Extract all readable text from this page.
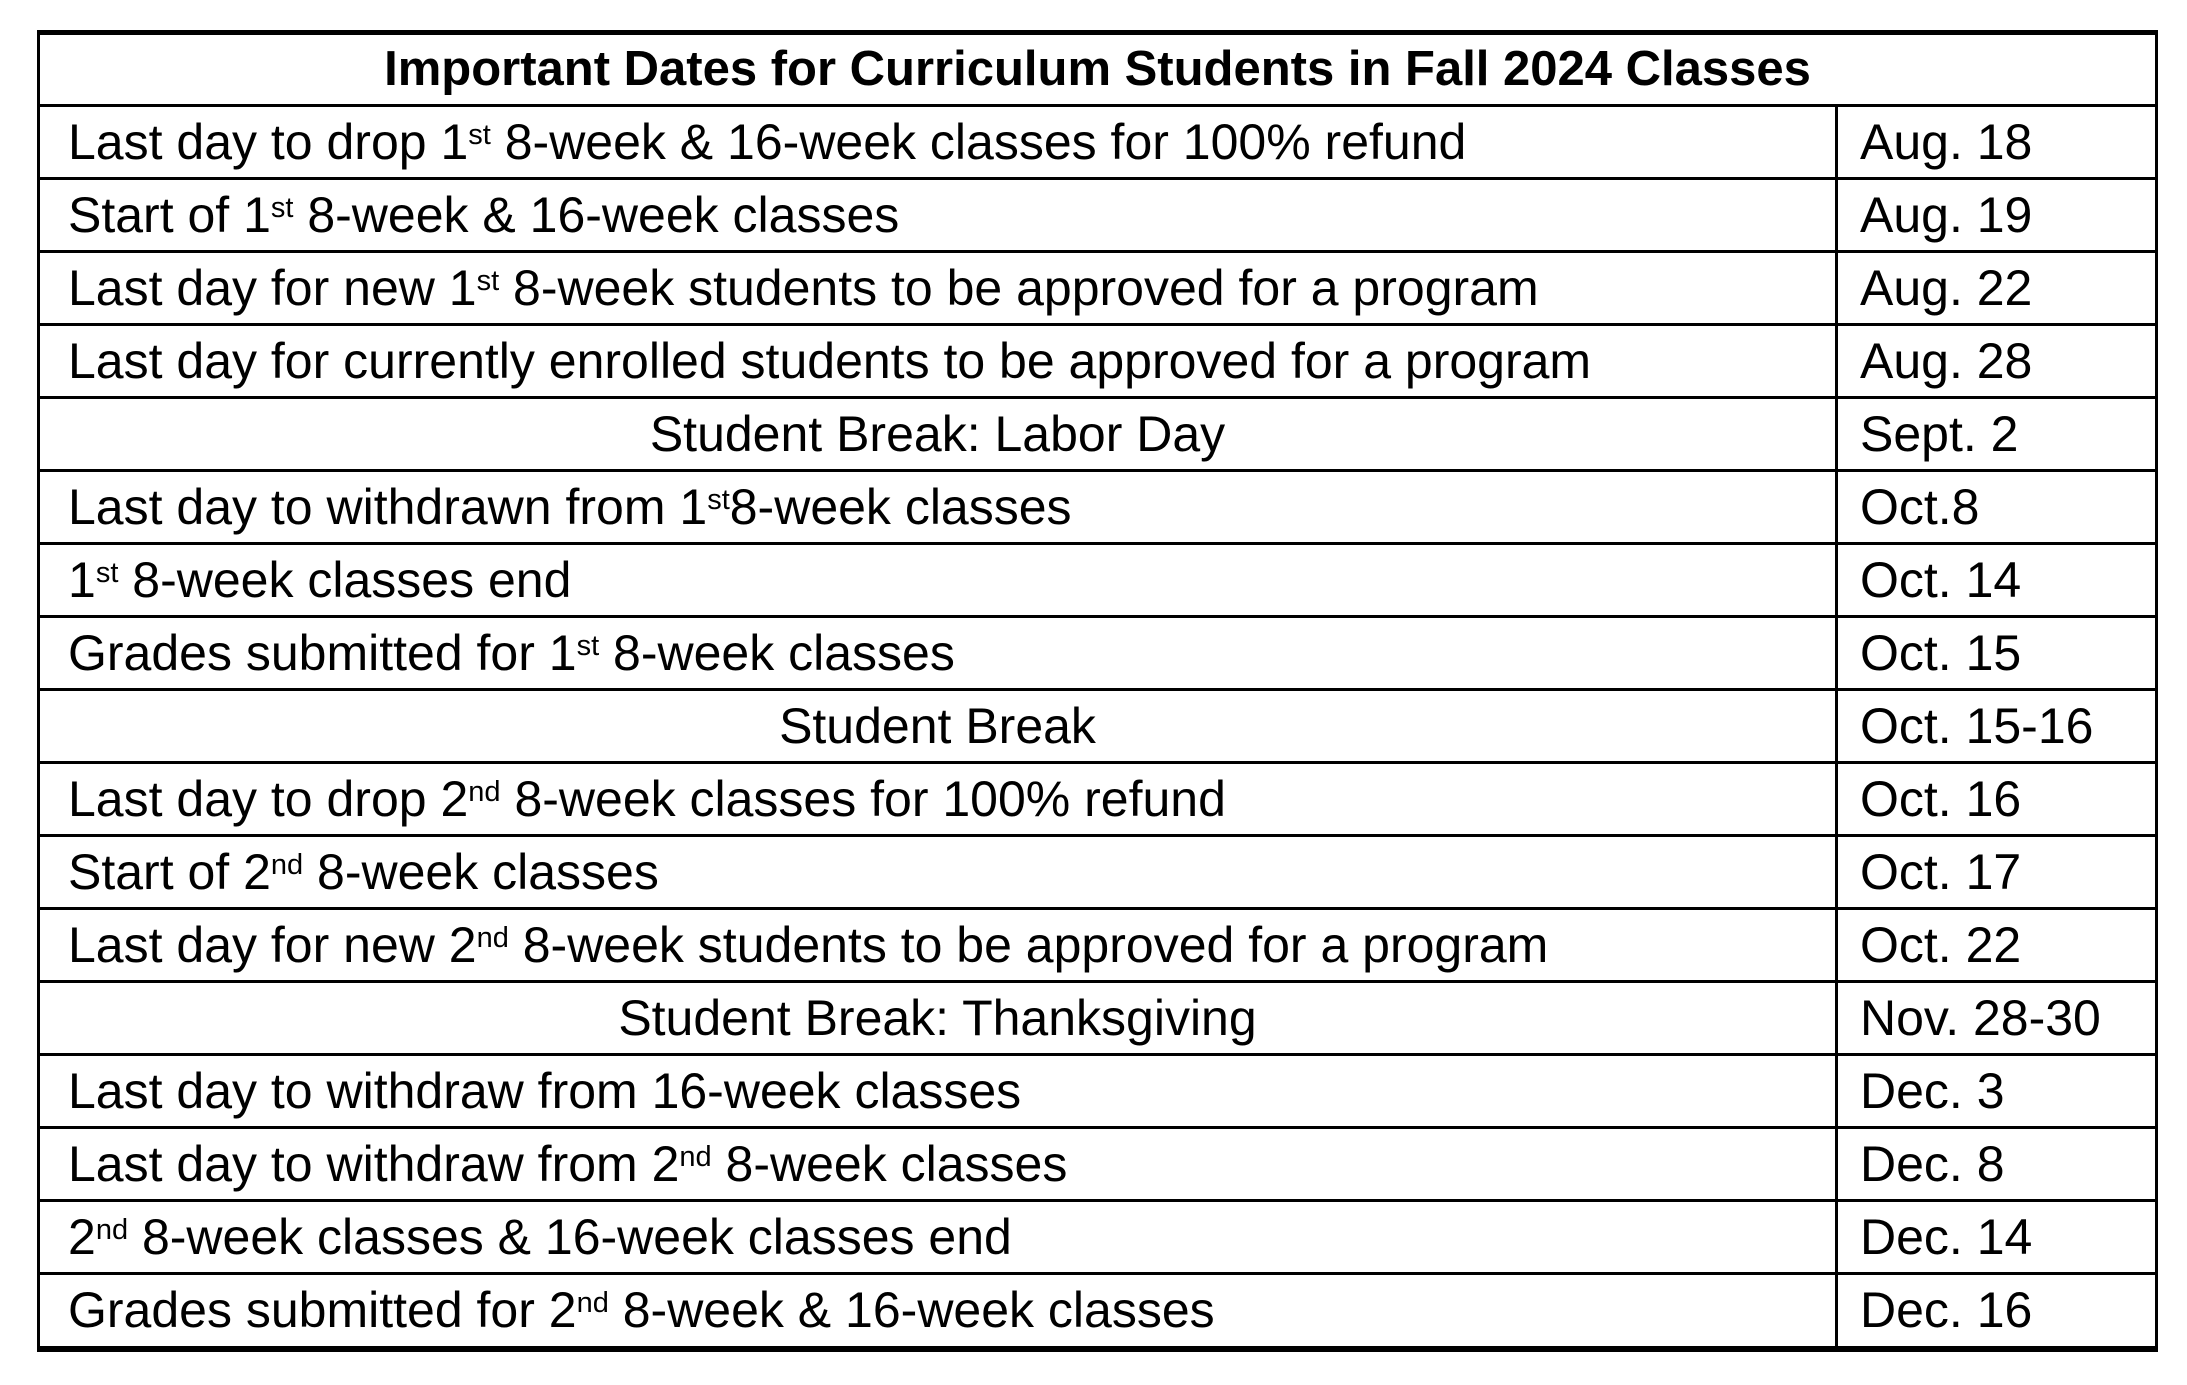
Important Dates for Curriculum Students in Fall 2024 Classes	
Last day to drop 1st 8-week & 16-week classes for 100% refund	Aug. 18
Start of 1st 8-week & 16-week classes	Aug. 19
Last day for new 1st 8-week students to be approved for a program	Aug. 22
Last day for currently enrolled students to be approved for a program	Aug. 28
Student Break: Labor Day	Sept. 2
Last day to withdrawn from 1st8-week classes	Oct.8
1st 8-week classes end	Oct. 14
Grades submitted for 1st 8-week classes	Oct. 15
Student Break	Oct. 15-16
Last day to drop 2nd 8-week classes for 100% refund	Oct. 16
Start of 2nd 8-week classes	Oct. 17
Last day for new 2nd 8-week students to be approved for a program	Oct. 22
Student Break: Thanksgiving	Nov. 28-30
Last day to withdraw from 16-week classes	Dec. 3
Last day to withdraw from 2nd 8-week classes	Dec. 8
2nd 8-week classes & 16-week classes end	Dec. 14
Grades submitted for 2nd 8-week & 16-week classes	Dec. 16
